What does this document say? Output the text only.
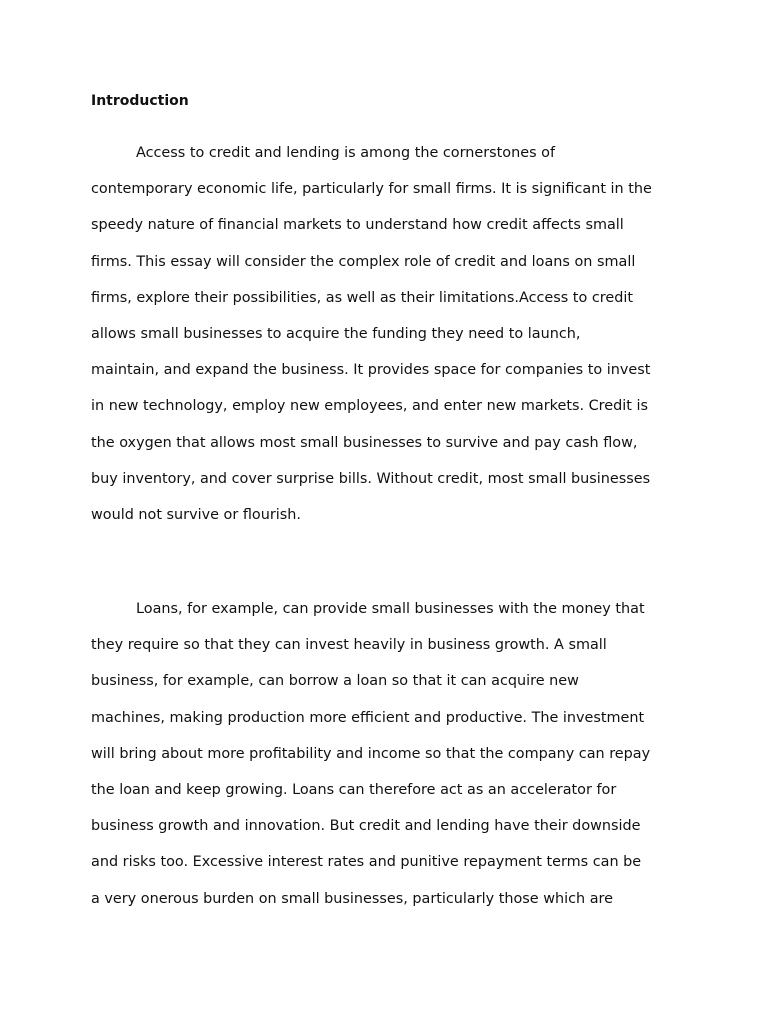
Introduction
Access to credit and lending is among the cornerstones of
contemporary economic life, particularly for small firms. It is significant in the
speedy nature of financial markets to understand how credit affects small
firms. This essay will consider the complex role of credit and loans on small
firms, explore their possibilities, as well as their limitations.Access to credit
allows small businesses to acquire the funding they need to launch,
maintain, and expand the business. It provides space for companies to invest
in new technology, employ new employees, and enter new markets. Credit is
the oxygen that allows most small businesses to survive and pay cash flow,
buy inventory, and cover surprise bills. Without credit, most small businesses
would not survive or flourish.
Loans, for example, can provide small businesses with the money that
they require so that they can invest heavily in business growth. A small
business, for example, can borrow a loan so that it can acquire new
machines, making production more efficient and productive. The investment
will bring about more profitability and income so that the company can repay
the loan and keep growing. Loans can therefore act as an accelerator for
business growth and innovation. But credit and lending have their downside
and risks too. Excessive interest rates and punitive repayment terms can be
a very onerous burden on small businesses, particularly those which are
